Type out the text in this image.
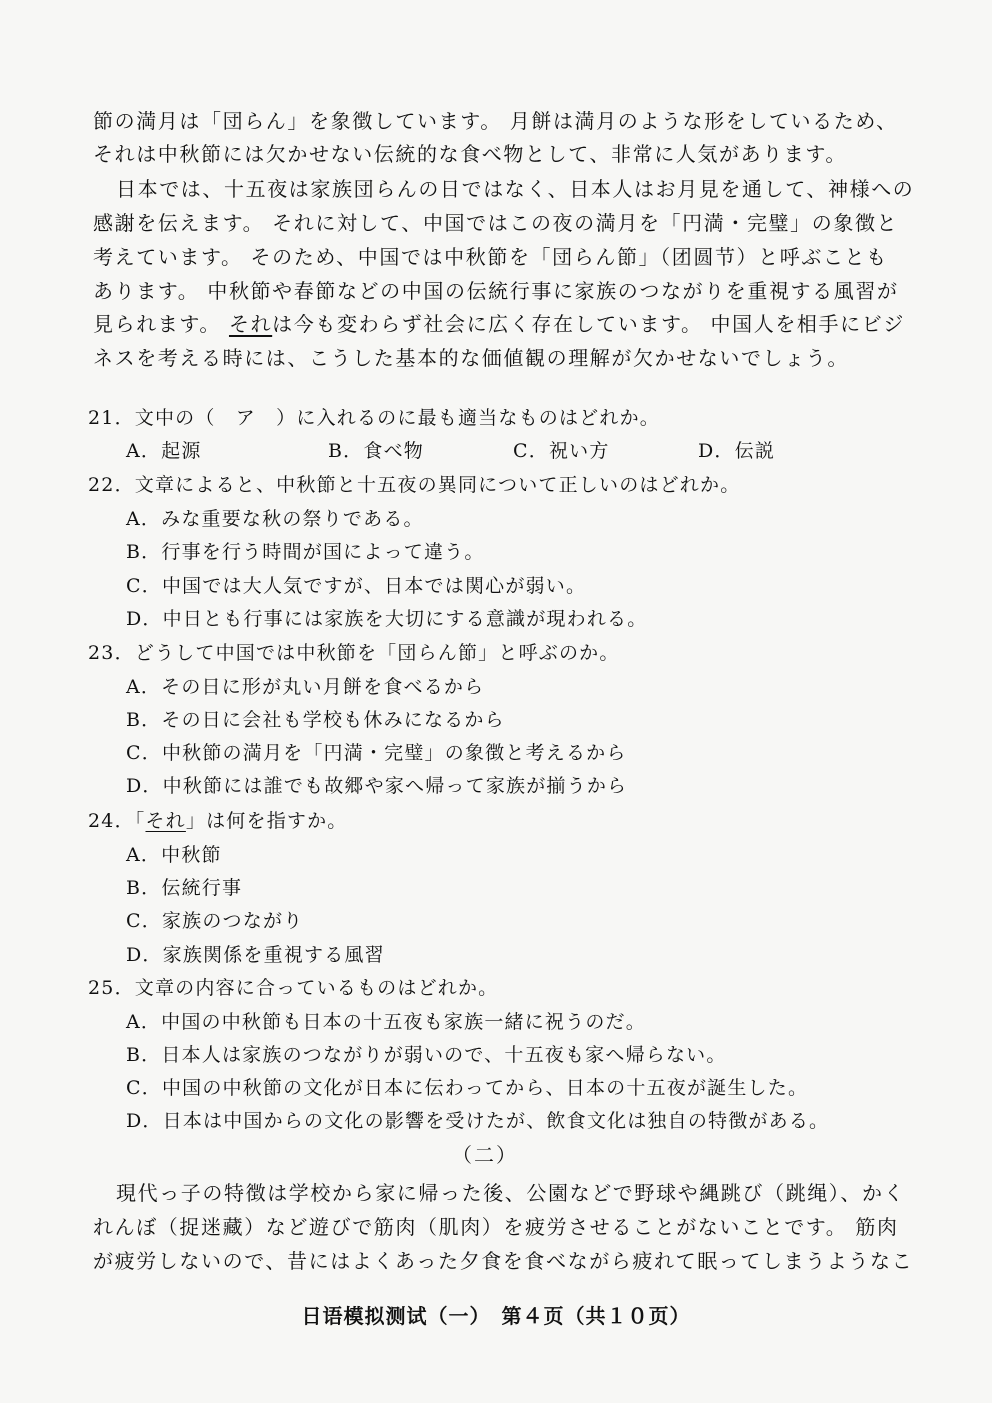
節の満月は「団らん」を象徴しています。 月餅は満月のような形をしているため、
それは中秋節には欠かせない伝統的な食べ物として、非常に人気があります。
日本では、十五夜は家族団らんの日ではなく、日本人はお月見を通して、神様への
感謝を伝えます。 それに対して、中国ではこの夜の満月を「円満・完璧」の象徴と
考えています。 そのため、中国では中秋節を「団らん節」（团圆节）と呼ぶことも
あります。 中秋節や春節などの中国の伝統行事に家族のつながりを重視する風習が
見られます。 それは今も変わらず社会に広く存在しています。 中国人を相手にビジ
ネスを考える時には、こうした基本的な価値観の理解が欠かせないでしょう。
21．文中の（　ア　）に入れるのに最も適当なものはどれか。
A．起源	B．食べ物	C．祝い方	D．伝説
22．文章によると、中秋節と十五夜の異同について正しいのはどれか。
A．みな重要な秋の祭りである。
B．行事を行う時間が国によって違う。
C．中国では大人気ですが、日本では関心が弱い。
D．中日とも行事には家族を大切にする意識が現われる。
23．どうして中国では中秋節を「団らん節」と呼ぶのか。
A．その日に形が丸い月餅を食べるから
B．その日に会社も学校も休みになるから
C．中秋節の満月を「円満・完璧」の象徴と考えるから
D．中秋節には誰でも故郷や家へ帰って家族が揃うから
24．「それ」は何を指すか。
A．中秋節
B．伝統行事
C．家族のつながり
D．家族関係を重視する風習
25．文章の内容に合っているものはどれか。
A．中国の中秋節も日本の十五夜も家族一緒に祝うのだ。
B．日本人は家族のつながりが弱いので、十五夜も家へ帰らない。
C．中国の中秋節の文化が日本に伝わってから、日本の十五夜が誕生した。
D．日本は中国からの文化の影響を受けたが、飲食文化は独自の特徴がある。
（二）
現代っ子の特徴は学校から家に帰った後、公園などで野球や縄跳び（跳绳）、かく
れんぼ（捉迷藏）など遊びで筋肉（肌肉）を疲労させることがないことです。 筋肉
が疲労しないので、昔にはよくあった夕食を食べながら疲れて眠ってしまうようなこ
日语模拟测试（一）　第４页（共１０页）
